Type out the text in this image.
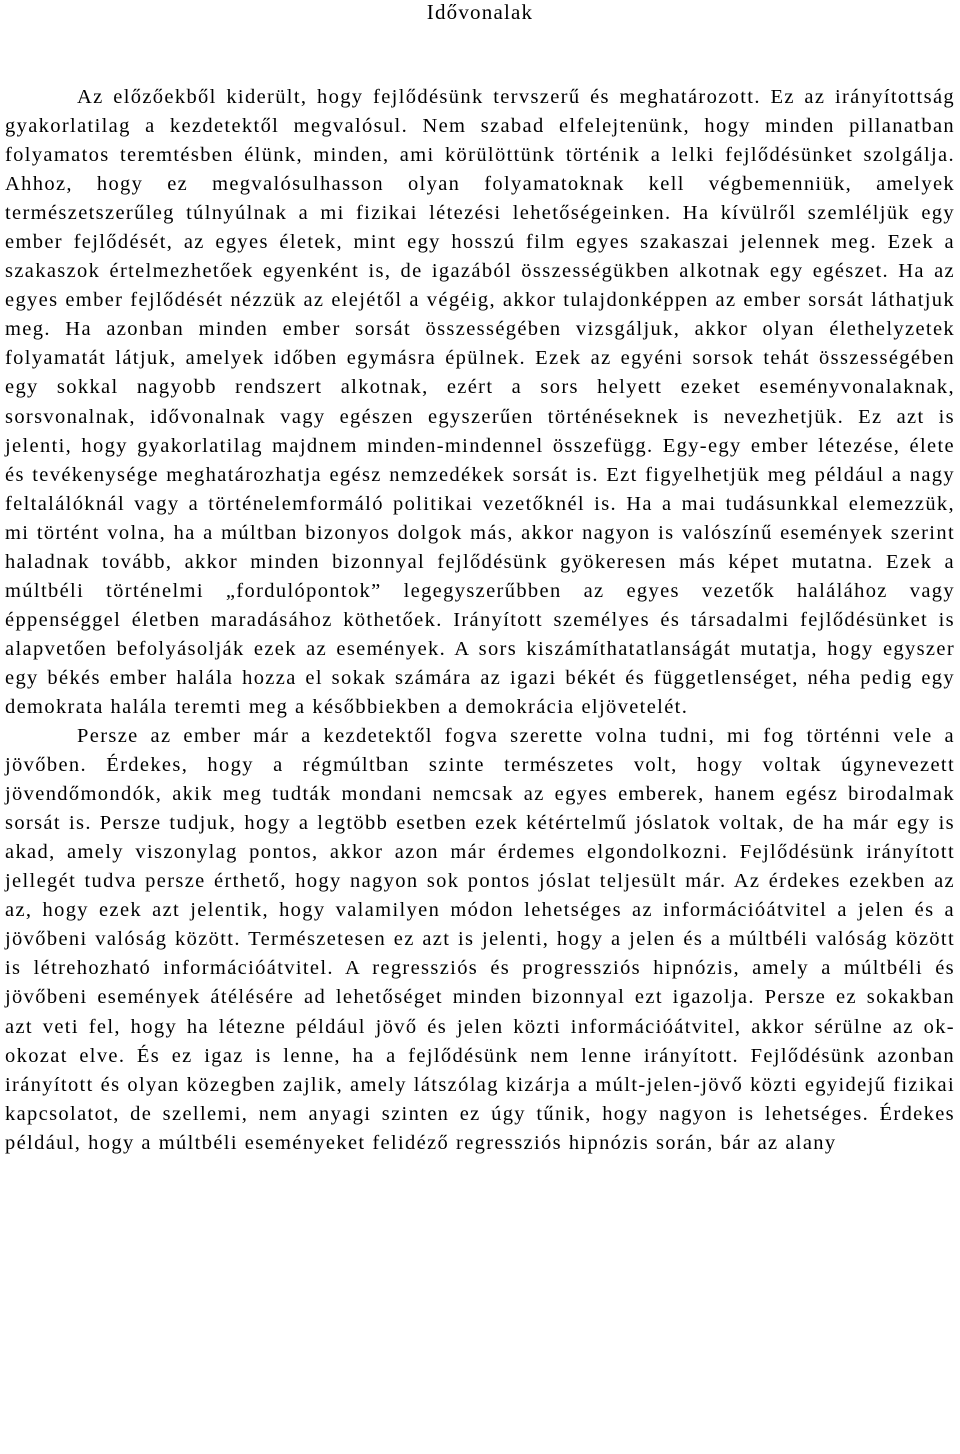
Idővonalak

Az előzőekből kiderült, hogy fejlődésünk tervszerű és meghatározott. Ez az irányítottság gyakorlatilag a kezdetektől megvalósul. Nem szabad elfelejtenünk, hogy minden pillanatban folyamatos teremtésben élünk, minden, ami körülöttünk történik a lelki fejlődésünket szolgálja. Ahhoz, hogy ez megvalósulhasson olyan folyamatoknak kell végbemenniük, amelyek természetszerűleg túlnyúlnak a mi fizikai létezési lehetőségeinken. Ha kívülről szemléljük egy ember fejlődését, az egyes életek, mint egy hosszú film egyes szakaszai jelennek meg. Ezek a szakaszok értelmezhetőek egyenként is, de igazából összességükben alkotnak egy egészet. Ha az egyes ember fejlődését nézzük az elejétől a végéig, akkor tulajdonképpen az ember sorsát láthatjuk meg. Ha azonban minden ember sorsát összességében vizsgáljuk, akkor olyan élethelyzetek folyamatát látjuk, amelyek időben egymásra épülnek. Ezek az egyéni sorsok tehát összességében egy sokkal nagyobb rendszert alkotnak, ezért a sors helyett ezeket eseményvonalaknak, sorsvonalnak, idővonalnak vagy egészen egyszerűen történéseknek is nevezhetjük. Ez azt is jelenti, hogy gyakorlatilag majdnem minden-mindennel összefügg. Egy-egy ember létezése, élete és tevékenysége meghatározhatja egész nemzedékek sorsát is. Ezt figyelhetjük meg például a nagy feltalálóknál vagy a történelemformáló politikai vezetőknél is. Ha a mai tudásunkkal elemezzük, mi történt volna, ha a múltban bizonyos dolgok más, akkor nagyon is valószínű események szerint haladnak tovább, akkor minden bizonnyal fejlődésünk gyökeresen más képet mutatna. Ezek a múltbéli történelmi „fordulópontok” legegyszerűbben az egyes vezetők halálához vagy éppenséggel életben maradásához köthetőek. Irányított személyes és társadalmi fejlődésünket is alapvetően befolyásolják ezek az események. A sors kiszámíthatatlanságát mutatja, hogy egyszer egy békés ember halála hozza el sokak számára az igazi békét és függetlenséget, néha pedig egy demokrata halála teremti meg a későbbiekben a demokrácia eljövetelét.

Persze az ember már a kezdetektől fogva szerette volna tudni, mi fog történni vele a jövőben. Érdekes, hogy a régmúltban szinte természetes volt, hogy voltak úgynevezett jövendőmondók, akik meg tudták mondani nemcsak az egyes emberek, hanem egész birodalmak sorsát is. Persze tudjuk, hogy a legtöbb esetben ezek kétértelmű jóslatok voltak, de ha már egy is akad, amely viszonylag pontos, akkor azon már érdemes elgondolkozni. Fejlődésünk irányított jellegét tudva persze érthető, hogy nagyon sok pontos jóslat teljesült már. Az érdekes ezekben az az, hogy ezek azt jelentik, hogy valamilyen módon lehetséges az információátvitel a jelen és a jövőbeni valóság között. Természetesen ez azt is jelenti, hogy a jelen és a múltbéli valóság között is létrehozható információátvitel. A regressziós és progressziós hipnózis, amely a múltbéli és jövőbeni események átélésére ad lehetőséget minden bizonnyal ezt igazolja. Persze ez sokakban azt veti fel, hogy ha létezne például jövő és jelen közti információátvitel, akkor sérülne az ok-okozat elve. És ez igaz is lenne, ha a fejlődésünk nem lenne irányított. Fejlődésünk azonban irányított és olyan közegben zajlik, amely látszólag kizárja a múlt-jelen-jövő közti egyidejű fizikai kapcsolatot, de szellemi, nem anyagi szinten ez úgy tűnik, hogy nagyon is lehetséges. Érdekes például, hogy a múltbéli eseményeket felidéző regressziós hipnózis során, bár az alany
